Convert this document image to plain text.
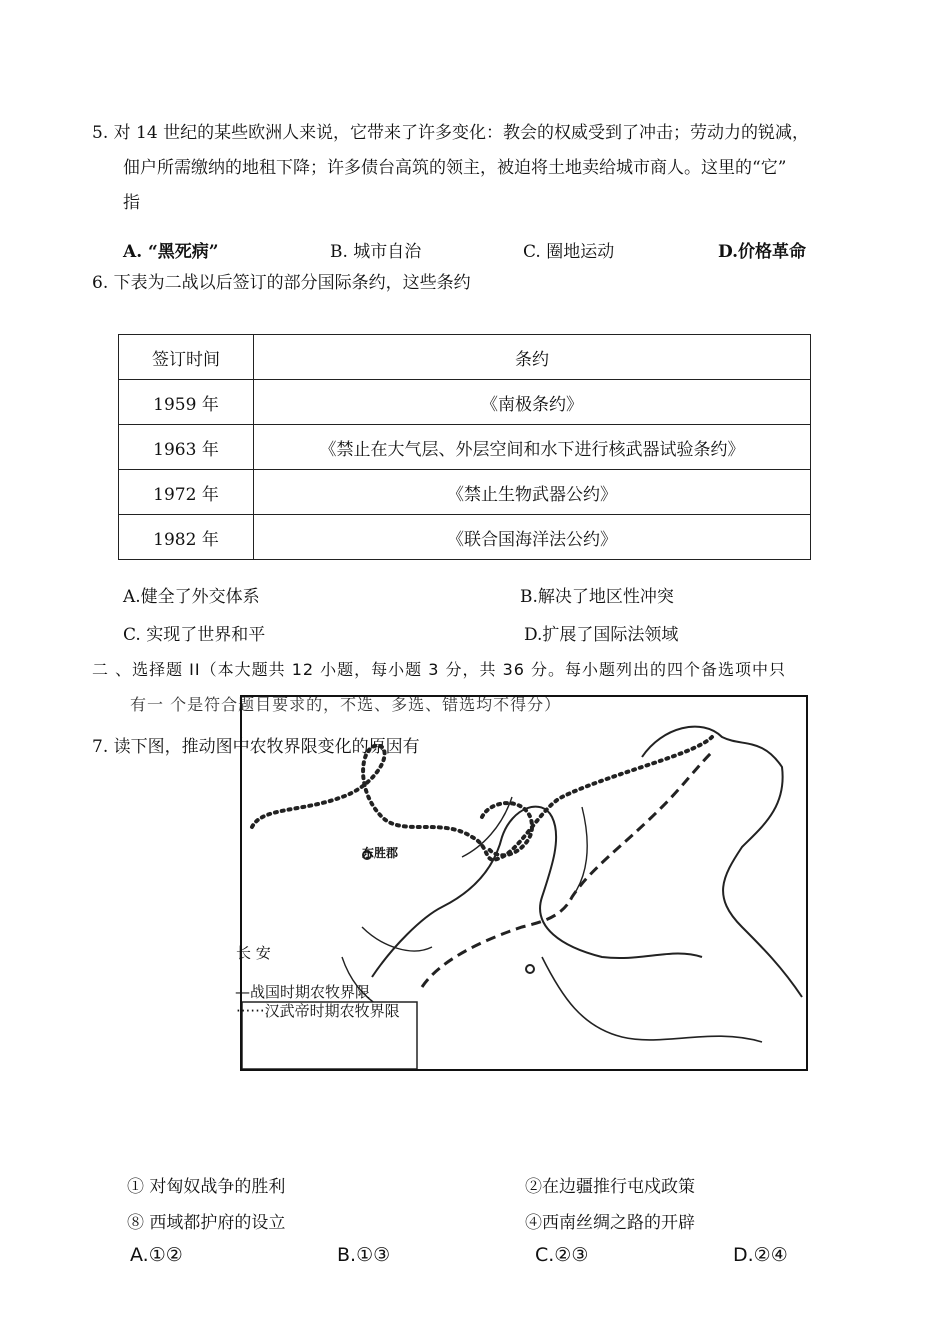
5. 对 14 世纪的某些欧洲人来说，它带来了许多变化：教会的权威受到了冲击；劳动力的锐减，
佃户所需缴纳的地租下降；许多债台高筑的领主，被迫将土地卖给城市商人。这里的“它”
指
A. “黑死病”	B. 城市自治	C. 圈地运动	D.价格革命
6. 下表为二战以后签订的部分国际条约，这些条约
签订时间	条约
1959 年	《南极条约》
1963 年	《禁止在大气层、外层空间和水下进行核武器试验条约》
1972 年	《禁止生物武器公约》
1982 年	《联合国海洋法公约》
A.健全了外交体系	B.解决了地区性冲突
C. 实现了世界和平	D.扩展了国际法领域
二 、选择题 II（本大题共 12 小题，每小题 3 分，共 36 分。每小题列出的四个备选项中只
有一 个是符合题目要求的，不选、多选、错选均不得分）
7. 读下图，推动图中农牧界限变化的原因有
东胜郡
长 安
—战国时期农牧界限
······汉武帝时期农牧界限
① 对匈奴战争的胜利	②在边疆推行屯戍政策
⑧ 西域都护府的设立	④西南丝绸之路的开辟
A.①②	B.①③	C.②③	D.②④
